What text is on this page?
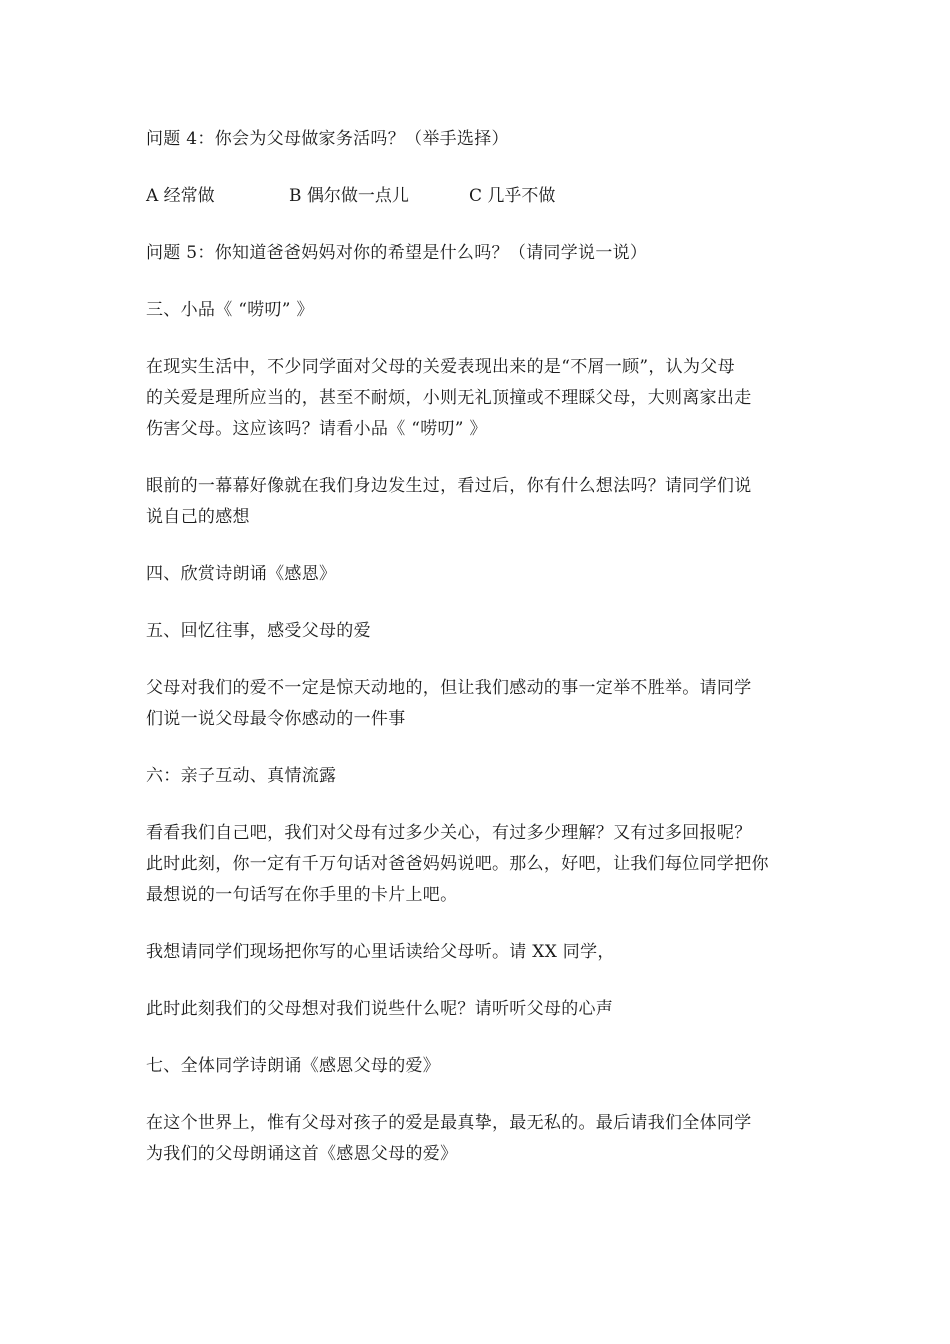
问题 4：你会为父母做家务活吗？（举手选择）

A 经常做	B 偶尔做一点儿	C 几乎不做

问题 5：你知道爸爸妈妈对你的希望是什么吗？（请同学说一说）

三、小品《 “唠叨” 》

在现实生活中，不少同学面对父母的关爱表现出来的是“不屑一顾”，认为父母
的关爱是理所应当的，甚至不耐烦，小则无礼顶撞或不理睬父母，大则离家出走
伤害父母。这应该吗？请看小品《 “唠叨” 》

眼前的一幕幕好像就在我们身边发生过，看过后，你有什么想法吗？请同学们说
说自己的感想

四、欣赏诗朗诵《感恩》

五、回忆往事，感受父母的爱

父母对我们的爱不一定是惊天动地的，但让我们感动的事一定举不胜举。请同学
们说一说父母最令你感动的一件事

六：亲子互动、真情流露

看看我们自己吧，我们对父母有过多少关心，有过多少理解？又有过多回报呢？
此时此刻，你一定有千万句话对爸爸妈妈说吧。那么，好吧，让我们每位同学把你
最想说的一句话写在你手里的卡片上吧。

我想请同学们现场把你写的心里话读给父母听。请 XX 同学，

此时此刻我们的父母想对我们说些什么呢？请听听父母的心声

七、全体同学诗朗诵《感恩父母的爱》

在这个世界上，惟有父母对孩子的爱是最真挚，最无私的。最后请我们全体同学
为我们的父母朗诵这首《感恩父母的爱》
